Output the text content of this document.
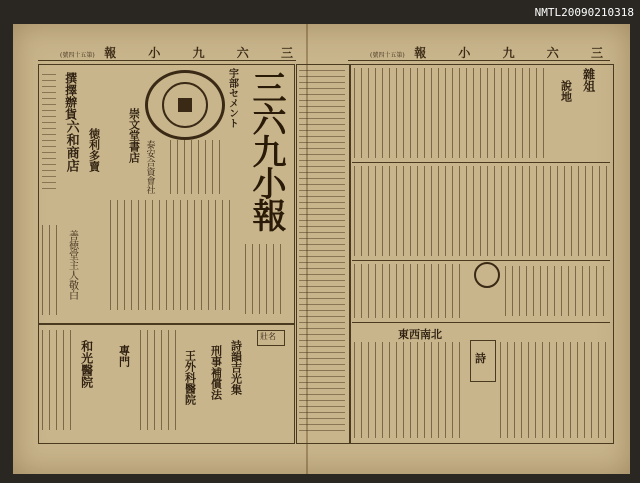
NMTL20090210318
(號四十五第) 報 小 九 六 三	(號四十五第) 報 小 九 六 三
三六九小報
壯名
宇部セメント
崇文堂書店
泰安合資會社
撰擇辦貨
六和商店 徳利多賣
善徳堂主人敬白
王外科醫院	詩韻吉光集
刑事補償法
專門
和光醫院
雜俎
說地
東西南北
詩
